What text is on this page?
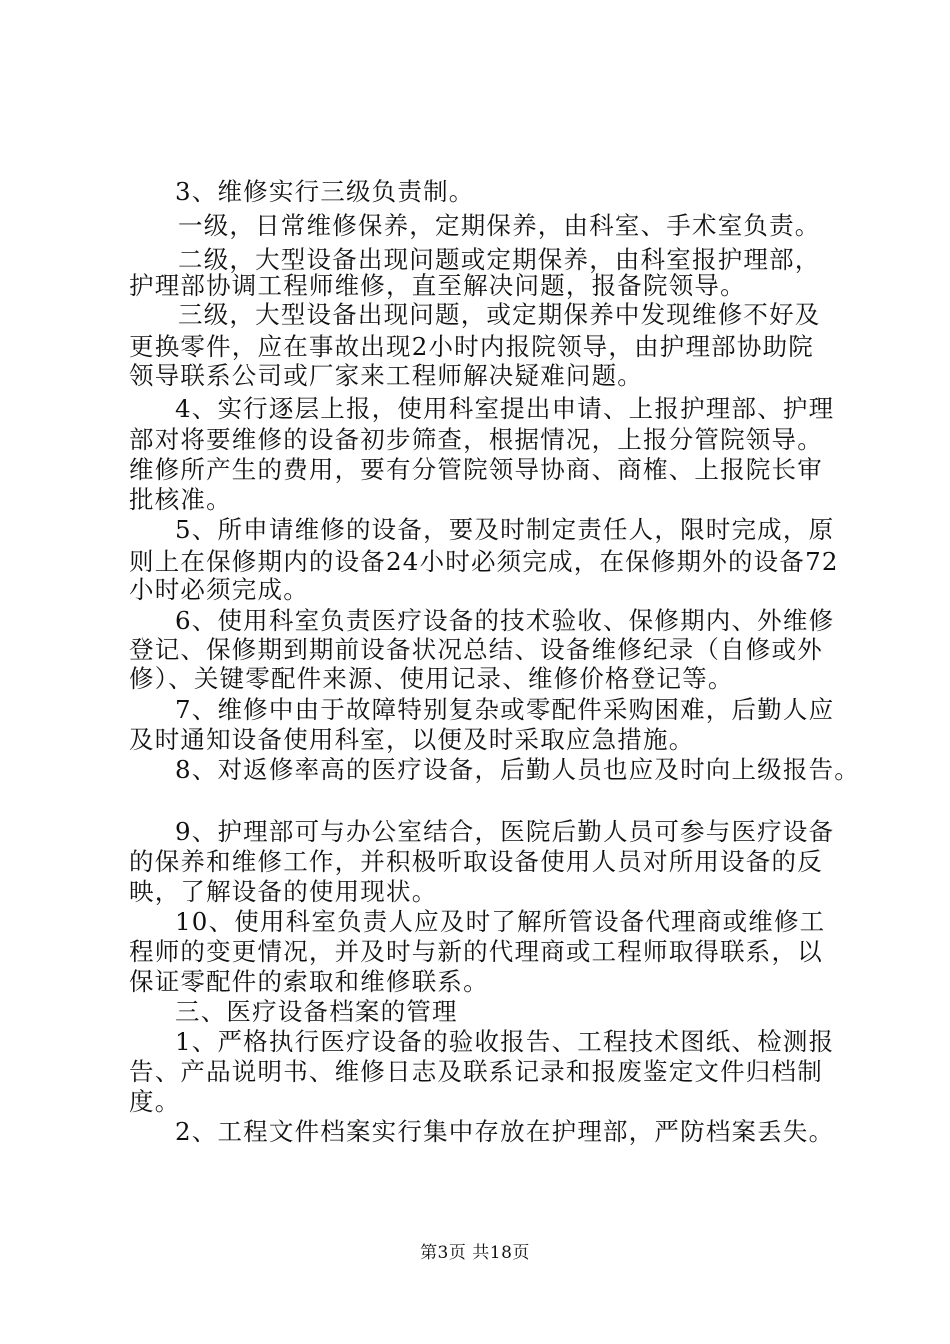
3、维修实行三级负责制。
一级，日常维修保养，定期保养，由科室、手术室负责。
二级，大型设备出现问题或定期保养，由科室报护理部，
护理部协调工程师维修，直至解决问题，报备院领导。
三级，大型设备出现问题，或定期保养中发现维修不好及
更换零件，应在事故出现2小时内报院领导，由护理部协助院
领导联系公司或厂家来工程师解决疑难问题。
4、实行逐层上报，使用科室提出申请、上报护理部、护理
部对将要维修的设备初步筛查，根据情况，上报分管院领导。
维修所产生的费用，要有分管院领导协商、商榷、上报院长审
批核准。
5、所申请维修的设备，要及时制定责任人，限时完成，原
则上在保修期内的设备24小时必须完成，在保修期外的设备72
小时必须完成。
6、使用科室负责医疗设备的技术验收、保修期内、外维修
登记、保修期到期前设备状况总结、设备维修纪录（自修或外
修）、关键零配件来源、使用记录、维修价格登记等。
7、维修中由于故障特别复杂或零配件采购困难，后勤人应
及时通知设备使用科室，以便及时采取应急措施。
8、对返修率高的医疗设备，后勤人员也应及时向上级报告。
9、护理部可与办公室结合，医院后勤人员可参与医疗设备
的保养和维修工作，并积极听取设备使用人员对所用设备的反
映，了解设备的使用现状。
10、使用科室负责人应及时了解所管设备代理商或维修工
程师的变更情况，并及时与新的代理商或工程师取得联系，以
保证零配件的索取和维修联系。
三、医疗设备档案的管理
1、严格执行医疗设备的验收报告、工程技术图纸、检测报
告、产品说明书、维修日志及联系记录和报废鉴定文件归档制
度。
2、工程文件档案实行集中存放在护理部，严防档案丢失。
第3页 共18页
